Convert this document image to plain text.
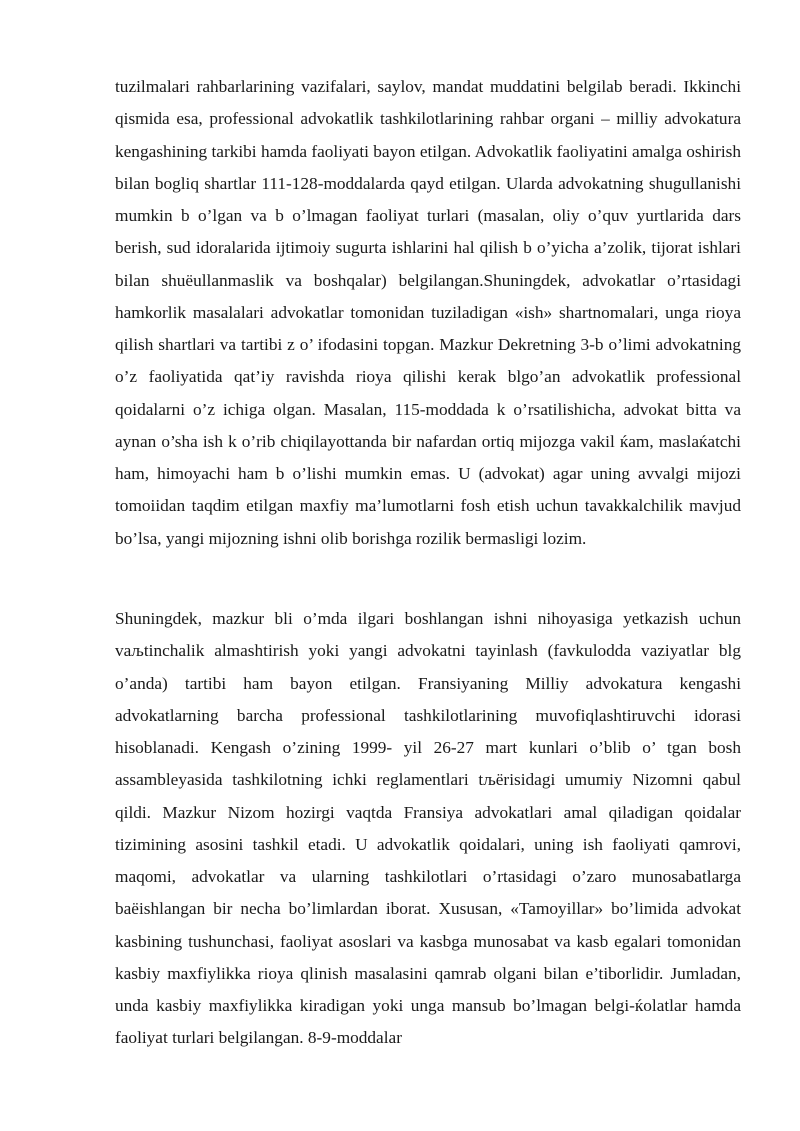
tuzilmalari rahbarlarining vazifalari, saylov, mandat muddatini belgilab beradi. Ikkinchi qismida esa, professional advokatlik tashkilotlarining rahbar organi – milliy advokatura kengashining tarkibi hamda faoliyati bayon etilgan. Advokatlik faoliyatini amalga oshirish bilan bogliq shartlar 111-128-moddalarda qayd etilgan. Ularda advokatning shugullanishi mumkin b o’lgan va b o’lmagan faoliyat turlari (masalan, oliy o’quv yurtlarida dars berish, sud idoralarida ijtimoiy sugurta ishlarini hal qilish b o’yicha a’zolik, tijorat ishlari bilan shuёullanmaslik va boshqalar) belgilangan.Shuningdek, advokatlar o’rtasidagi hamkorlik masalalari advokatlar tomonidan tuziladigan «ish» shartnomalari, unga rioya qilish shartlari va tartibi z o’ ifodasini topgan. Mazkur Dekretning 3-b o’limi advokatning o’z faoliyatida qat’iy ravishda rioya qilishi kerak blgo’an advokatlik professional qoidalarni o’z ichiga olgan. Masalan, 115-moddada k o’rsatilishicha, advokat bitta va aynan o’sha ish k o’rib chiqilayottanda bir nafardan ortiq mijozga vakil ќam, maslaќatchi ham, himoyachi ham b o’lishi mumkin emas. U (advokat) agar uning avvalgi mijozi tomoiidan taqdim etilgan maxfiy ma’lumotlarni fosh etish uchun tavakkalchilik mavjud bo’lsa, yangi mijozning ishni olib borishga rozilik bermasligi lozim.

Shuningdek, mazkur bli o’mda ilgari boshlangan ishni nihoyasiga yetkazish uchun vaљtinchalik almashtirish yoki yangi advokatni tayinlash (favkulodda vaziyatlar blg o’anda) tartibi ham bayon etilgan. Fransiyaning Milliy advokatura kengashi advokatlarning barcha professional tashkilotlarining muvofiqlashtiruvchi idorasi hisoblanadi. Kengash o’zining 1999- yil 26-27 mart kunlari o’blib o’ tgan bosh assambleyasida tashkilotning ichki reglamentlari tљёrisidagi umumiy Nizomni qabul qildi. Mazkur Nizom hozirgi vaqtda Fransiya advokatlari amal qiladigan qoidalar tizimining asosini tashkil etadi. U advokatlik qoidalari, uning ish faoliyati qamrovi, maqomi, advokatlar va ularning tashkilotlari o’rtasidagi o’zaro munosabatlarga baёishlangan bir necha bo’limlardan iborat. Xususan, «Tamoyillar» bo’limida advokat kasbining tushunchasi, faoliyat asoslari va kasbga munosabat va kasb egalari tomonidan kasbiy maxfiylikka rioya qlinish masalasini qamrab olgani bilan e’tiborlidir. Jumladan, unda kasbiy maxfiylikka kiradigan yoki unga mansub bo’lmagan belgi-ќolatlar hamda faoliyat turlari belgilangan. 8-9-moddalar
